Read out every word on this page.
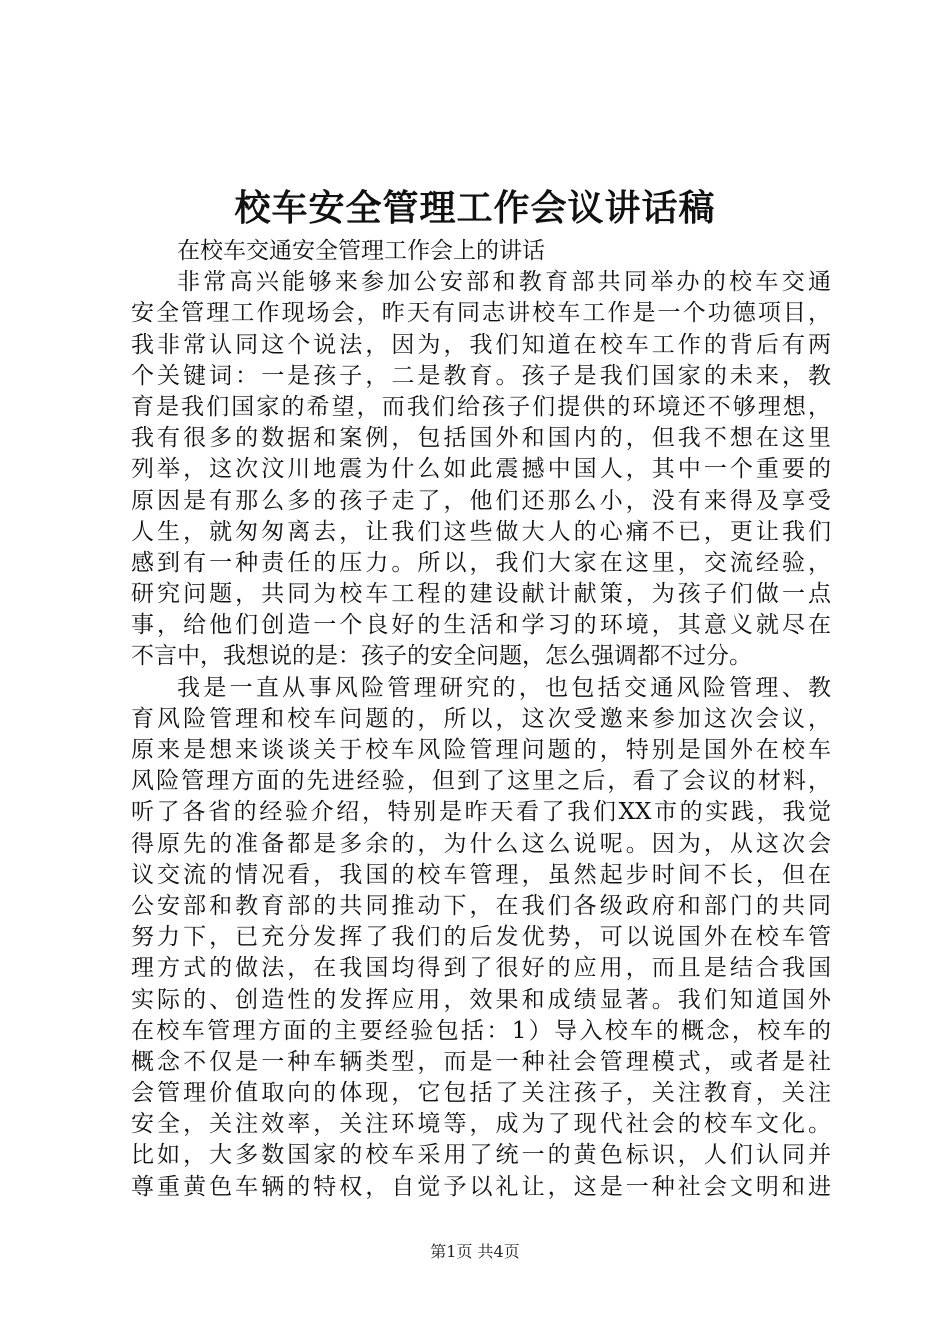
校车安全管理工作会议讲话稿
在校车交通安全管理工作会上的讲话
非常高兴能够来参加公安部和教育部共同举办的校车交通
安全管理工作现场会，昨天有同志讲校车工作是一个功德项目，
我非常认同这个说法，因为，我们知道在校车工作的背后有两
个关键词：一是孩子，二是教育。孩子是我们国家的未来，教
育是我们国家的希望，而我们给孩子们提供的环境还不够理想，
我有很多的数据和案例，包括国外和国内的，但我不想在这里
列举，这次汶川地震为什么如此震撼中国人，其中一个重要的
原因是有那么多的孩子走了，他们还那么小，没有来得及享受
人生，就匆匆离去，让我们这些做大人的心痛不已，更让我们
感到有一种责任的压力。所以，我们大家在这里，交流经验，
研究问题，共同为校车工程的建设献计献策，为孩子们做一点
事，给他们创造一个良好的生活和学习的环境，其意义就尽在
不言中，我想说的是：孩子的安全问题，怎么强调都不过分。
我是一直从事风险管理研究的，也包括交通风险管理、教
育风险管理和校车问题的，所以，这次受邀来参加这次会议，
原来是想来谈谈关于校车风险管理问题的，特别是国外在校车
风险管理方面的先进经验，但到了这里之后，看了会议的材料，
听了各省的经验介绍，特别是昨天看了我们XX市的实践，我觉
得原先的准备都是多余的，为什么这么说呢。因为，从这次会
议交流的情况看，我国的校车管理，虽然起步时间不长，但在
公安部和教育部的共同推动下，在我们各级政府和部门的共同
努力下，已充分发挥了我们的后发优势，可以说国外在校车管
理方式的做法，在我国均得到了很好的应用，而且是结合我国
实际的、创造性的发挥应用，效果和成绩显著。我们知道国外
在校车管理方面的主要经验包括：1）导入校车的概念，校车的
概念不仅是一种车辆类型，而是一种社会管理模式，或者是社
会管理价值取向的体现，它包括了关注孩子，关注教育，关注
安全，关注效率，关注环境等，成为了现代社会的校车文化。
比如，大多数国家的校车采用了统一的黄色标识，人们认同并
尊重黄色车辆的特权，自觉予以礼让，这是一种社会文明和进
第1页 共4页
